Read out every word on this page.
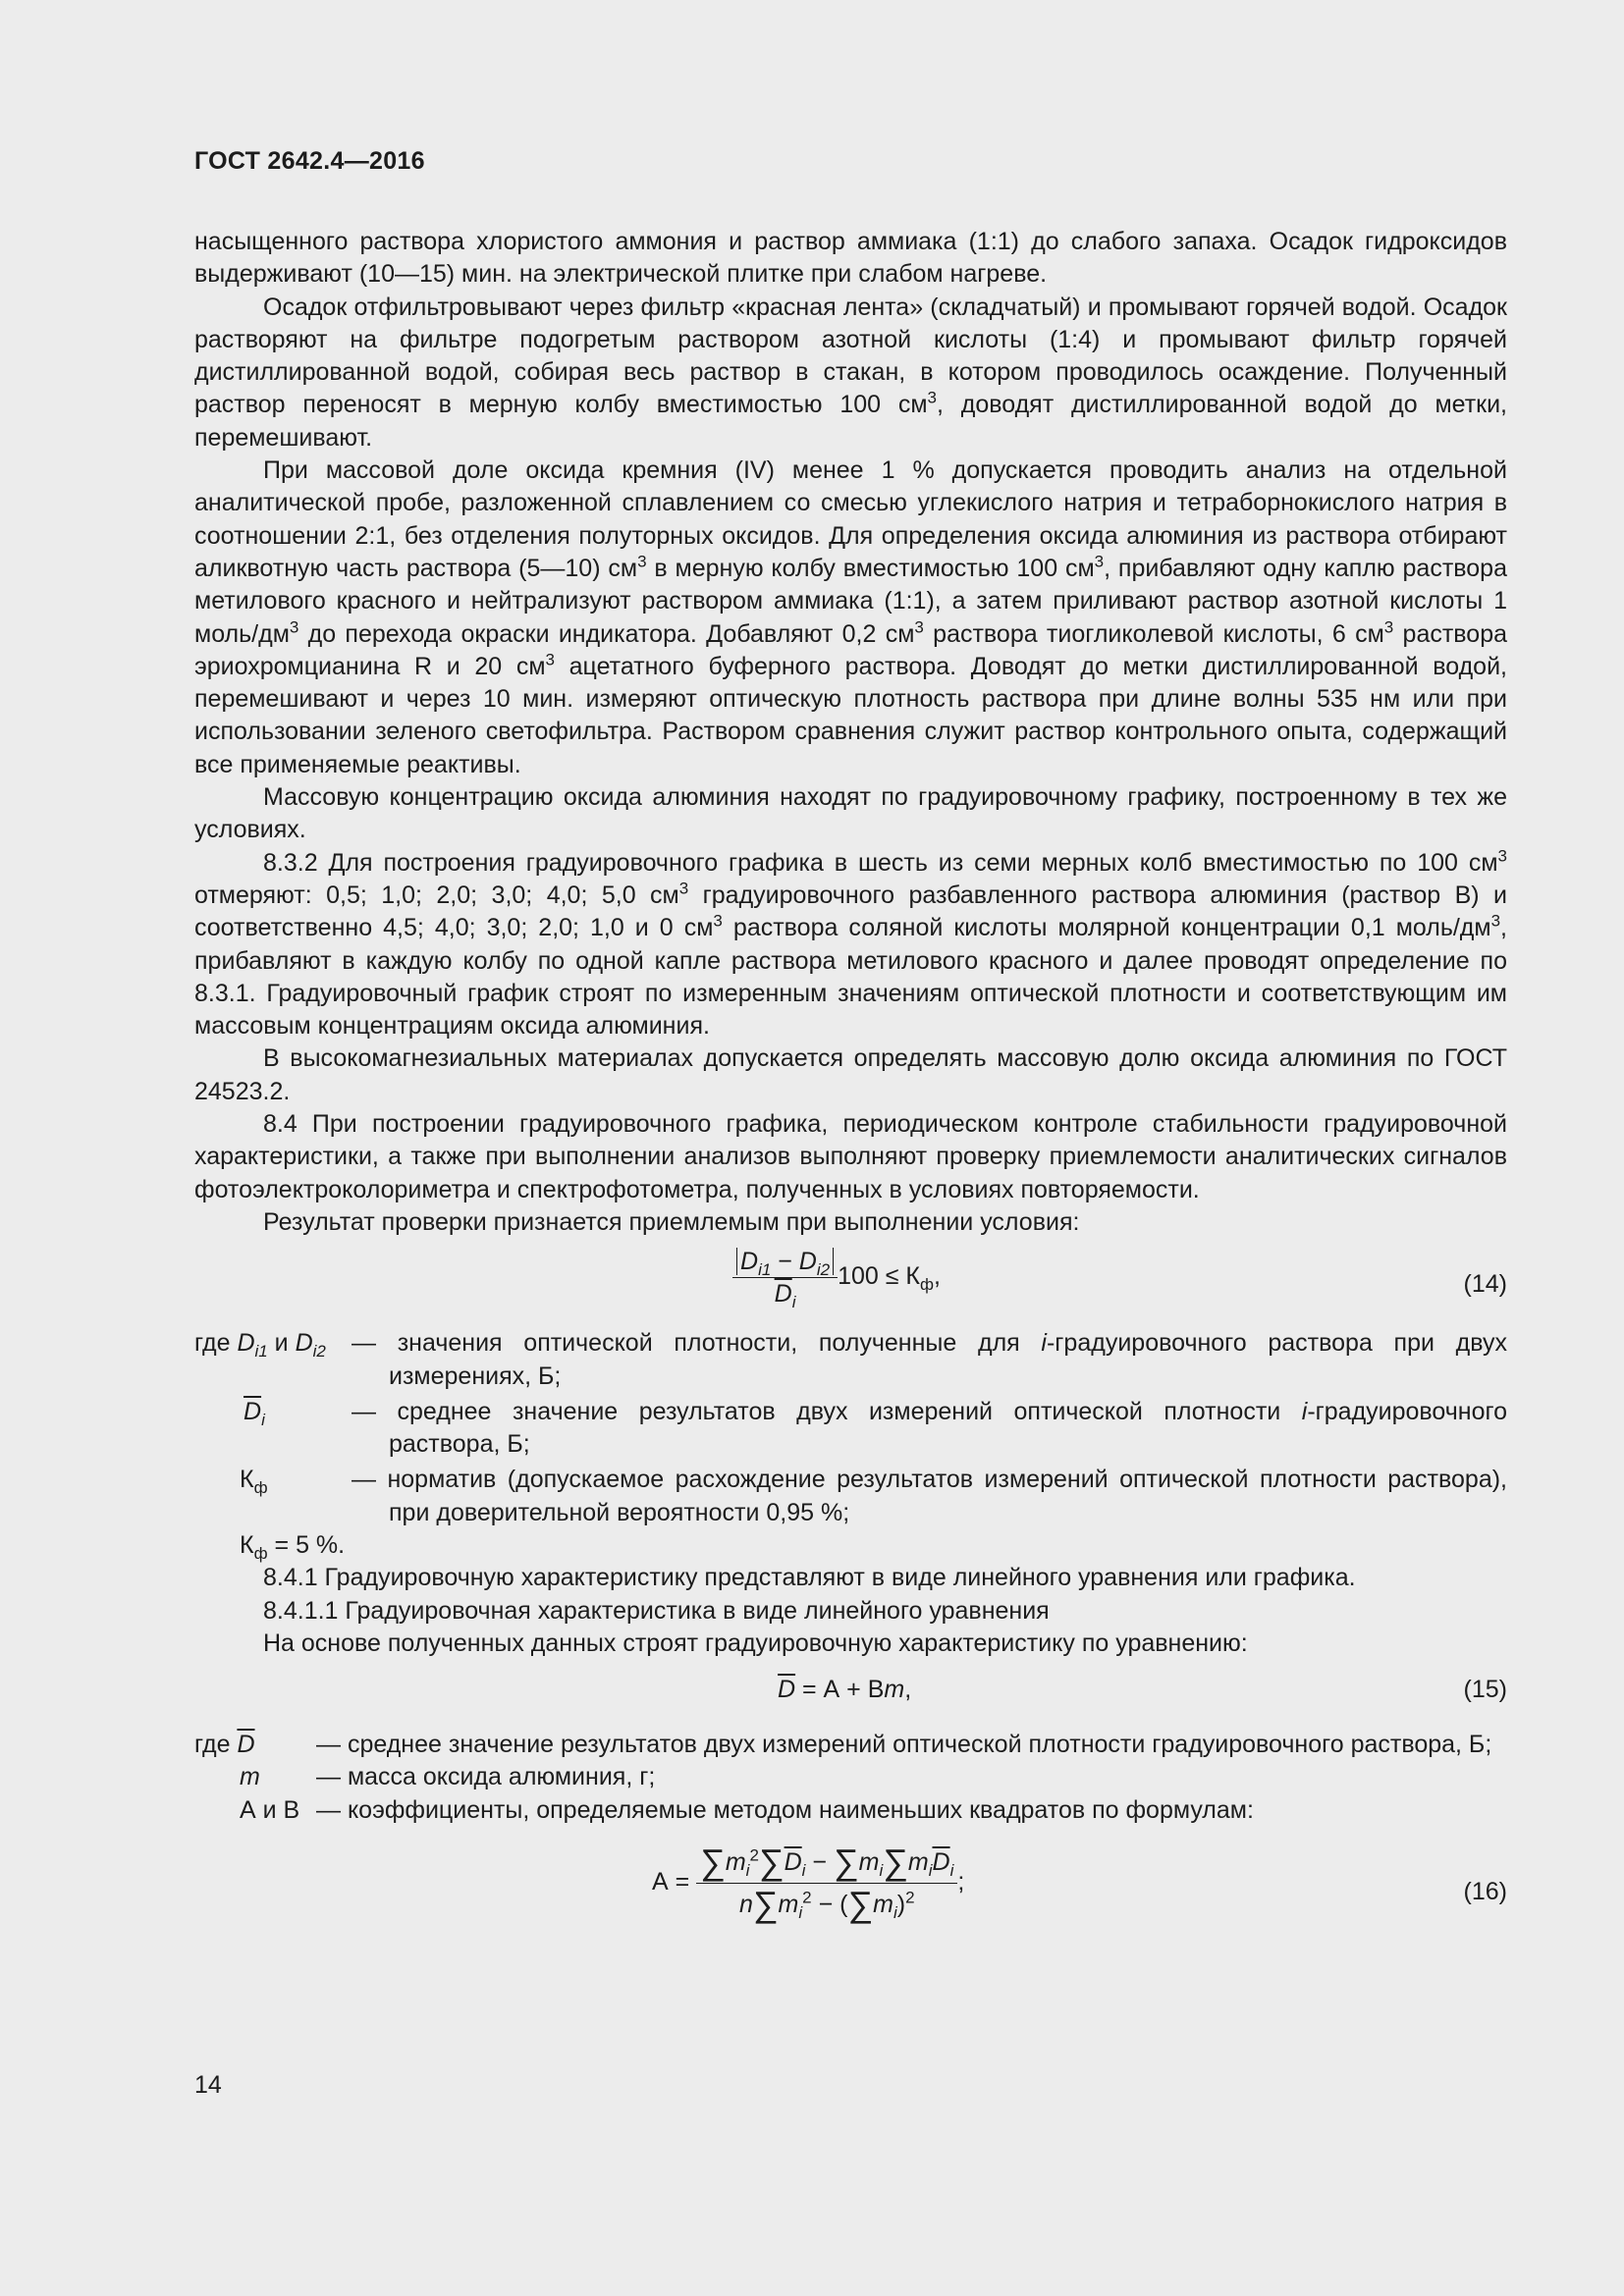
ГОСТ 2642.4—2016

насыщенного раствора хлористого аммония и раствор аммиака (1:1) до слабого запаха. Осадок гидроксидов выдерживают (10—15) мин. на электрической плитке при слабом нагреве.

Осадок отфильтровывают через фильтр «красная лента» (складчатый) и промывают горячей водой. Осадок растворяют на фильтре подогретым раствором азотной кислоты (1:4) и промывают фильтр горячей дистиллированной водой, собирая весь раствор в стакан, в котором проводилось осаждение. Полученный раствор переносят в мерную колбу вместимостью 100 $см^3$, доводят дистиллированной водой до метки, перемешивают.

При массовой доле оксида кремния (IV) менее 1 % допускается проводить анализ на отдельной аналитической пробе, разложенной сплавлением со смесью углекислого натрия и тетраборнокислого натрия в соотношении 2:1, без отделения полуторных оксидов. Для определения оксида алюминия из раствора отбирают аликвотную часть раствора (5—10) $см^3$ в мерную колбу вместимостью 100 $см^3$, прибавляют одну каплю раствора метилового красного и нейтрализуют раствором аммиака (1:1), а затем приливают раствор азотной кислоты 1 моль/$дм^3$ до перехода окраски индикатора. Добавляют 0,2 $см^3$ раствора тиогликолевой кислоты, 6 $см^3$ раствора эриохромцианина R и 20 $см^3$ ацетатного буферного раствора. Доводят до метки дистиллированной водой, перемешивают и через 10 мин. измеряют оптическую плотность раствора при длине волны 535 нм или при использовании зеленого светофильтра. Раствором сравнения служит раствор контрольного опыта, содержащий все применяемые реактивы.

Массовую концентрацию оксида алюминия находят по градуировочному графику, построенному в тех же условиях.

8.3.2 Для построения градуировочного графика в шесть из семи мерных колб вместимостью по 100 $см^3$ отмеряют: 0,5; 1,0; 2,0; 3,0; 4,0; 5,0 $см^3$ градуировочного разбавленного раствора алюминия (раствор В) и соответственно 4,5; 4,0; 3,0; 2,0; 1,0 и 0 $см^3$ раствора соляной кислоты молярной концентрации 0,1 моль/$дм^3$, прибавляют в каждую колбу по одной капле раствора метилового красного и далее проводят определение по 8.3.1. Градуировочный график строят по измеренным значениям оптической плотности и соответствующим им массовым концентрациям оксида алюминия.

В высокомагнезиальных материалах допускается определять массовую долю оксида алюминия по ГОСТ 24523.2.

8.4 При построении градуировочного графика, периодическом контроле стабильности градуировочной характеристики, а также при выполнении анализов выполняют проверку приемлемости аналитических сигналов фотоэлектроколориметра и спектрофотометра, полученных в условиях повторяемости.

Результат проверки признается приемлемым при выполнении условия:

$\frac{D_{i1} - D_{i2}}{\overline{D}_i} 100 \le К_ф$,	(14)
где $D_{i1}$ и $D_{i2}$	— значения оптической плотности, полученные для i-градуировочного раствора при двух измерениях, Б;
$\overline{D}_i$	— среднее значение результатов двух измерений оптической плотности i-градуировочного раствора, Б;
$К_ф$	— норматив (допускаемое расхождение результатов измерений оптической плотности раствора), при доверительной вероятности 0,95 %;
$К_ф = 5$ %.

8.4.1 Градуировочную характеристику представляют в виде линейного уравнения или графика.

8.4.1.1 Градуировочная характеристика в виде линейного уравнения

На основе полученных данных строят градуировочную характеристику по уравнению:

$\overline{D} = А$ + Вm,	(15)
где $\overline{D}$	— среднее значение результатов двух измерений оптической плотности градуировочного раствора, Б;
m	— масса оксида алюминия, г;
А и В — коэффициенты, определяемые методом наименьших квадратов по формулам:
$А = \frac{\sum m_i^2\sum\overline{D}_i - \sum m_i\sum m_i\overline{D}_i}{n\sum m_i^2 - (\sum m_i)^2}$ ;	(16)
14
